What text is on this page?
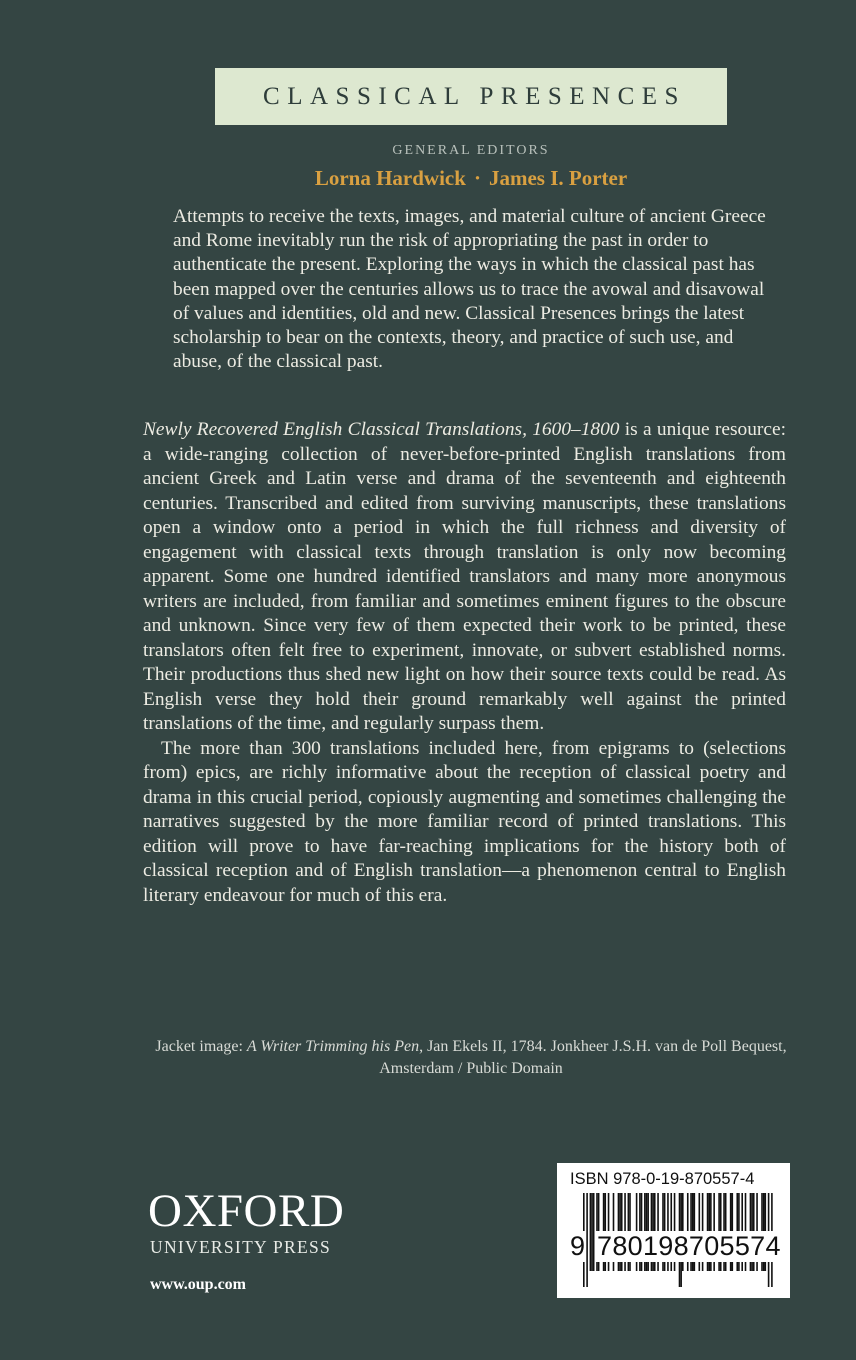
CLASSICAL PRESENCES
GENERAL EDITORS
Lorna Hardwick · James I. Porter
Attempts to receive the texts, images, and material culture of ancient Greece and Rome inevitably run the risk of appropriating the past in order to authenticate the present. Exploring the ways in which the classical past has been mapped over the centuries allows us to trace the avowal and disavowal of values and identities, old and new. Classical Presences brings the latest scholarship to bear on the contexts, theory, and practice of such use, and abuse, of the classical past.

Newly Recovered English Classical Translations, 1600–1800 is a unique resource: a wide-ranging collection of never-before-printed English translations from ancient Greek and Latin verse and drama of the seventeenth and eighteenth centuries. Transcribed and edited from surviving manuscripts, these translations open a window onto a period in which the full richness and diversity of engagement with classical texts through translation is only now becoming apparent. Some one hundred identified translators and many more anonymous writers are included, from familiar and sometimes eminent figures to the obscure and unknown. Since very few of them expected their work to be printed, these translators often felt free to experiment, innovate, or subvert established norms. Their productions thus shed new light on how their source texts could be read. As English verse they hold their ground remarkably well against the printed translations of the time, and regularly surpass them.

The more than 300 translations included here, from epigrams to (selections from) epics, are richly informative about the reception of classical poetry and drama in this crucial period, copiously augmenting and sometimes challenging the narratives suggested by the more familiar record of printed translations. This edition will prove to have far-reaching implications for the history both of classical reception and of English translation—a phenomenon central to English literary endeavour for much of this era.

Jacket image: A Writer Trimming his Pen, Jan Ekels II, 1784. Jonkheer J.S.H. van de Poll Bequest, Amsterdam / Public Domain
OXFORD
UNIVERSITY PRESS
www.oup.com
ISBN 978-0-19-870557-4
9 780198705574
